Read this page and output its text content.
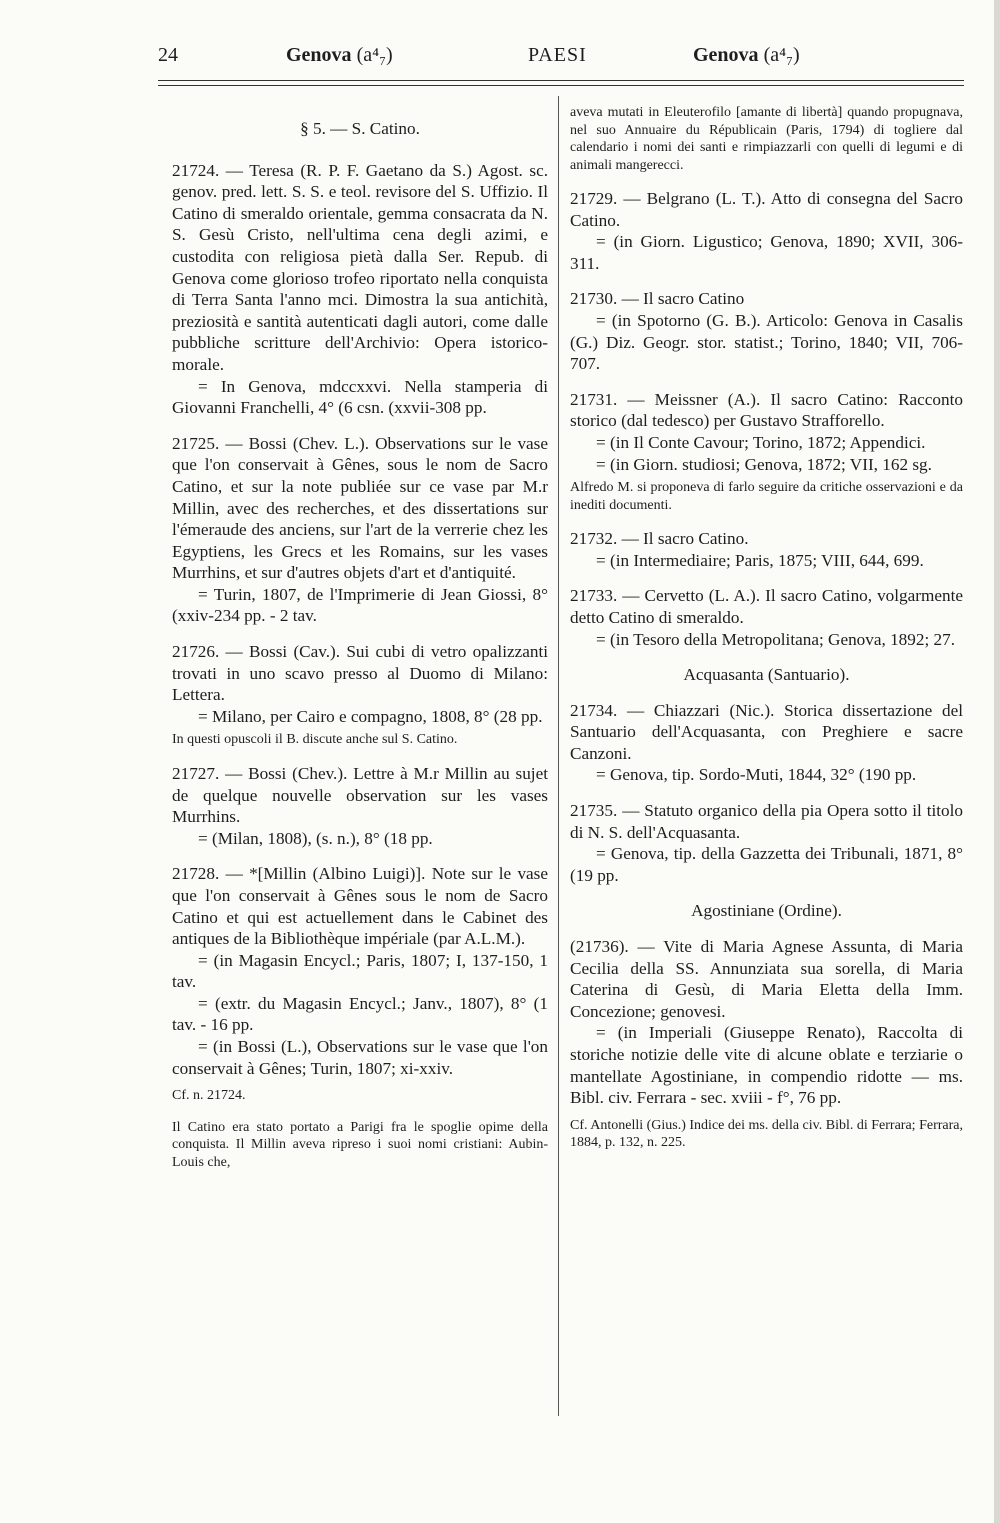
24	Genova (a⁴₇)	PAESI	Genova (a⁴₇)

§ 5. — S. Catino.

21724. — Teresa (R. P. F. Gaetano da S.) Agost. sc. genov. pred. lett. S. S. e teol. revisore del S. Uffizio. Il Catino di smeraldo orientale, gemma consacrata da N. S. Gesù Cristo, nell'ultima cena degli azimi, e custodita con religiosa pietà dalla Ser. Repub. di Genova come glorioso trofeo riportato nella conquista di Terra Santa l'anno mci. Dimostra la sua antichità, preziosità e santità autenticati dagli autori, come dalle pubbliche scritture dell'Archivio: Opera istorico-morale.

= In Genova, mdccxxvi. Nella stamperia di Giovanni Franchelli, 4° (6 csn. (xxvii-308 pp.

21725. — Bossi (Chev. L.). Observations sur le vase que l'on conservait à Gênes, sous le nom de Sacro Catino, et sur la note publiée sur ce vase par M.r Millin, avec des recherches, et des dissertations sur l'émeraude des anciens, sur l'art de la verrerie chez les Egyptiens, les Grecs et les Romains, sur les vases Murrhins, et sur d'autres objets d'art et d'antiquité.

= Turin, 1807, de l'Imprimerie di Jean Giossi, 8° (xxiv-234 pp. - 2 tav.

21726. — Bossi (Cav.). Sui cubi di vetro opalizzanti trovati in uno scavo presso al Duomo di Milano: Lettera.

= Milano, per Cairo e compagno, 1808, 8° (28 pp.

In questi opuscoli il B. discute anche sul S. Catino.

21727. — Bossi (Chev.). Lettre à M.r Millin au sujet de quelque nouvelle observation sur les vases Murrhins.

= (Milan, 1808), (s. n.), 8° (18 pp.

21728. — *[Millin (Albino Luigi)]. Note sur le vase que l'on conservait à Gênes sous le nom de Sacro Catino et qui est actuellement dans le Cabinet des antiques de la Bibliothèque impériale (par A.L.M.).

= (in Magasin Encycl.; Paris, 1807; I, 137-150, 1 tav.

= (extr. du Magasin Encycl.; Janv., 1807), 8° (1 tav. - 16 pp.

= (in Bossi (L.), Observations sur le vase que l'on conservait à Gênes; Turin, 1807; xi-xxiv.

Cf. n. 21724.

Il Catino era stato portato a Parigi fra le spoglie opime della conquista. Il Millin aveva ripreso i suoi nomi cristiani: Aubin-Louis che,

aveva mutati in Eleuterofilo [amante di libertà] quando propugnava, nel suo Annuaire du Républicain (Paris, 1794) di togliere dal calendario i nomi dei santi e rimpiazzarli con quelli di legumi e di animali mangerecci.

21729. — Belgrano (L. T.). Atto di consegna del Sacro Catino.

= (in Giorn. Ligustico; Genova, 1890; XVII, 306-311.

21730. — Il sacro Catino

= (in Spotorno (G. B.). Articolo: Genova in Casalis (G.) Diz. Geogr. stor. statist.; Torino, 1840; VII, 706-707.

21731. — Meissner (A.). Il sacro Catino: Racconto storico (dal tedesco) per Gustavo Strafforello.

= (in Il Conte Cavour; Torino, 1872; Appendici.

= (in Giorn. studiosi; Genova, 1872; VII, 162 sg.

Alfredo M. si proponeva di farlo seguire da critiche osservazioni e da inediti documenti.

21732. — Il sacro Catino.

= (in Intermediaire; Paris, 1875; VIII, 644, 699.

21733. — Cervetto (L. A.). Il sacro Catino, volgarmente detto Catino di smeraldo.

= (in Tesoro della Metropolitana; Genova, 1892; 27.

Acquasanta (Santuario).

21734. — Chiazzari (Nic.). Storica dissertazione del Santuario dell'Acquasanta, con Preghiere e sacre Canzoni.

= Genova, tip. Sordo-Muti, 1844, 32° (190 pp.

21735. — Statuto organico della pia Opera sotto il titolo di N. S. dell'Acquasanta.

= Genova, tip. della Gazzetta dei Tribunali, 1871, 8° (19 pp.

Agostiniane (Ordine).

(21736). — Vite di Maria Agnese Assunta, di Maria Cecilia della SS. Annunziata sua sorella, di Maria Caterina di Gesù, di Maria Eletta della Imm. Concezione; genovesi.

= (in Imperiali (Giuseppe Renato), Raccolta di storiche notizie delle vite di alcune oblate e terziarie o mantellate Agostiniane, in compendio ridotte — ms. Bibl. civ. Ferrara - sec. xviii - f°, 76 pp.

Cf. Antonelli (Gius.) Indice dei ms. della civ. Bibl. di Ferrara; Ferrara, 1884, p. 132, n. 225.
